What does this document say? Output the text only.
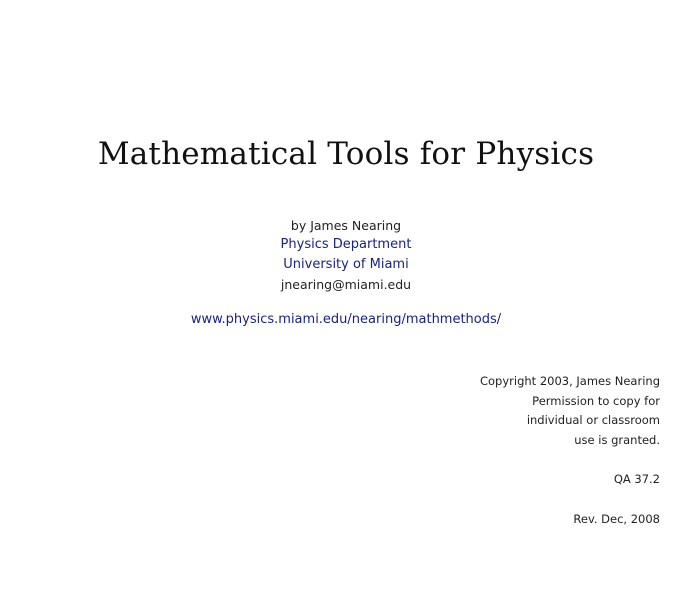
Mathematical Tools for Physics
by James Nearing
Physics Department
University of Miami
jnearing@miami.edu
www.physics.miami.edu/nearing/mathmethods/
Copyright 2003, James Nearing
Permission to copy for
individual or classroom
use is granted.
QA 37.2
Rev. Dec, 2008
